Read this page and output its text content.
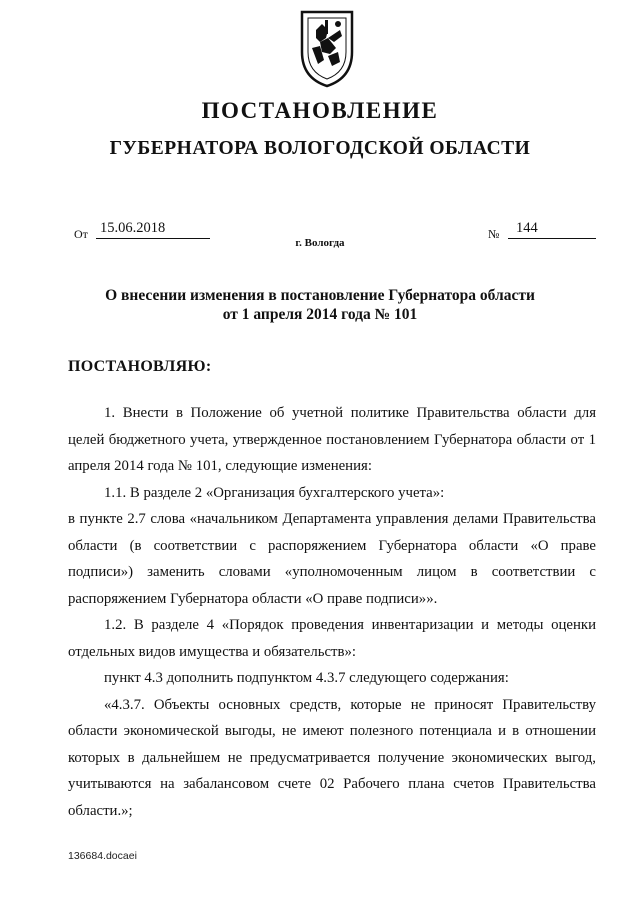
ПОСТАНОВЛЕНИЕ
ГУБЕРНАТОРА ВОЛОГОДСКОЙ ОБЛАСТИ
От 15.06.2018	№	144
г. Вологда
О внесении изменения в постановление Губернатора области
от 1 апреля 2014 года № 101
ПОСТАНОВЛЯЮ:

1. Внести в Положение об учетной политике Правительства области для целей бюджетного учета, утвержденное постановлением Губернатора области от 1 апреля 2014 года № 101, следующие изменения:

1.1. В разделе 2 «Организация бухгалтерского учета»:

в пункте 2.7 слова «начальником Департамента управления делами Правительства области (в соответствии с распоряжением Губернатора области «О праве подписи») заменить словами «уполномоченным лицом в соответствии с распоряжением Губернатора области «О праве подписи»».

1.2. В разделе 4 «Порядок проведения инвентаризации и методы оценки отдельных видов имущества и обязательств»:

пункт 4.3 дополнить подпунктом 4.3.7 следующего содержания:

«4.3.7. Объекты основных средств, которые не приносят Правительству области экономической выгоды, не имеют полезного потенциала и в отношении которых в дальнейшем не предусматривается получение экономических выгод, учитываются на забалансовом счете 02 Рабочего плана счетов Правительства области.»;

136684.docaei
